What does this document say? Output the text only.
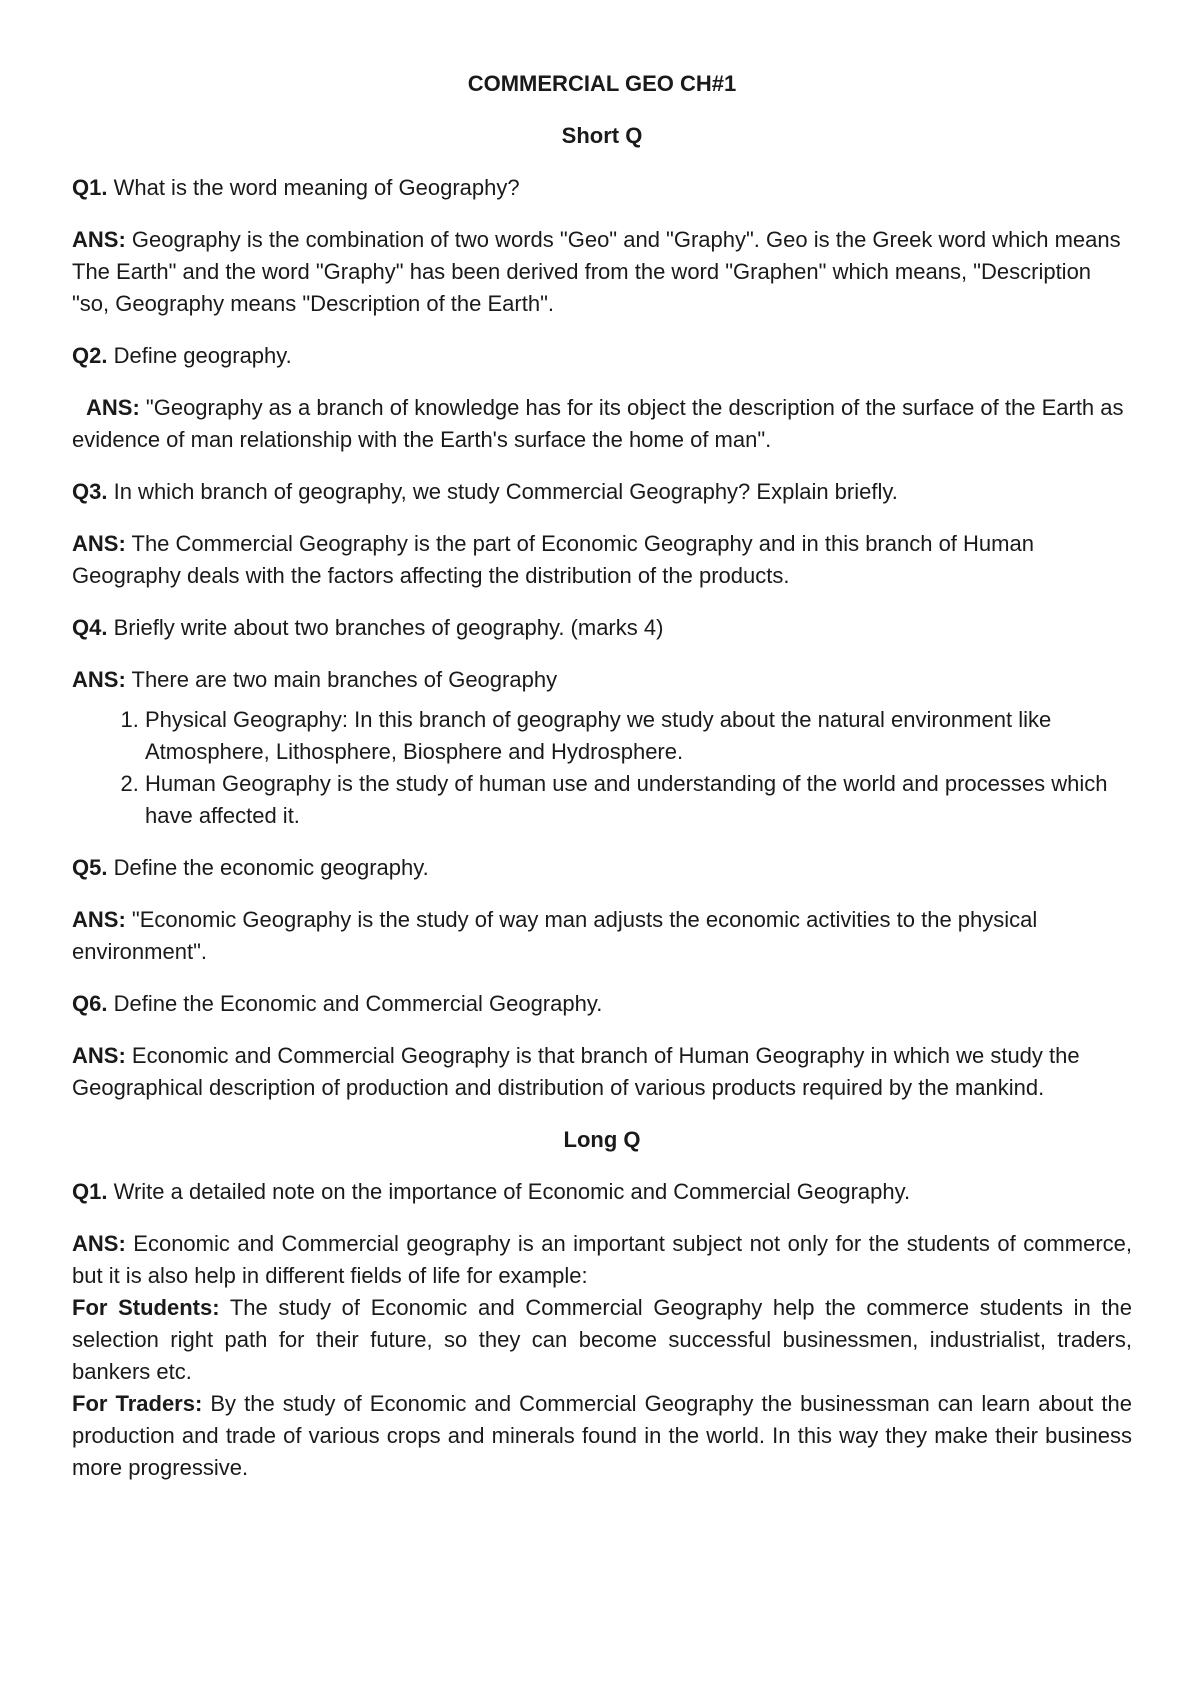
COMMERCIAL GEO CH#1
Short Q

Q1. What is the word meaning of Geography?

ANS: Geography is the combination of two words "Geo" and "Graphy". Geo is the Greek word which means The Earth" and the word "Graphy" has been derived from the word "Graphen" which means, "Description "so, Geography means "Description of the Earth".

Q2. Define geography.

ANS: "Geography as a branch of knowledge has for its object the description of the surface of the Earth as evidence of man relationship with the Earth's surface the home of man".

Q3. In which branch of geography, we study Commercial Geography? Explain briefly.

ANS: The Commercial Geography is the part of Economic Geography and in this branch of Human Geography deals with the factors affecting the distribution of the products.

Q4. Briefly write about two branches of geography. (marks 4)

ANS: There are two main branches of Geography

1. Physical Geography: In this branch of geography we study about the natural environment like Atmosphere, Lithosphere, Biosphere and Hydrosphere.
2. Human Geography is the study of human use and understanding of the world and processes which have affected it.

Q5. Define the economic geography.

ANS: "Economic Geography is the study of way man adjusts the economic activities to the physical environment".

Q6. Define the Economic and Commercial Geography.

ANS: Economic and Commercial Geography is that branch of Human Geography in which we study the Geographical description of production and distribution of various products required by the mankind.

Long Q

Q1. Write a detailed note on the importance of Economic and Commercial Geography.

ANS: Economic and Commercial geography is an important subject not only for the students of commerce, but it is also help in different fields of life for example:
For Students: The study of Economic and Commercial Geography help the commerce students in the selection right path for their future, so they can become successful businessmen, industrialist, traders, bankers etc.
For Traders: By the study of Economic and Commercial Geography the businessman can learn about the production and trade of various crops and minerals found in the world. In this way they make their business more progressive.
